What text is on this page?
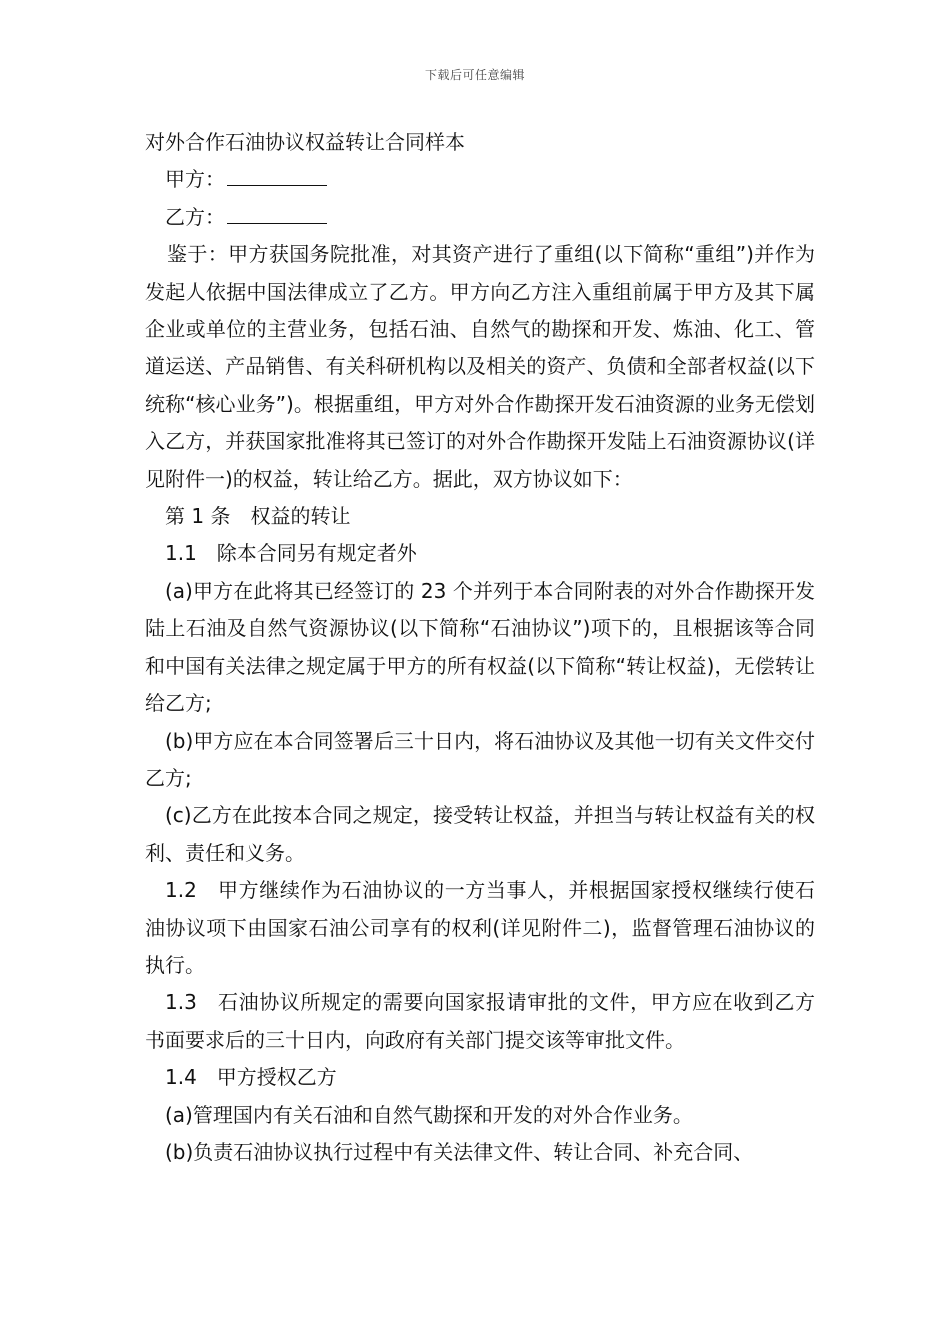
下载后可任意编辑

对外合作石油协议权益转让合同样本

甲方：

乙方：

鉴于：甲方获国务院批准，对其资产进行了重组(以下简称“重组”)并作为发起人依据中国法律成立了乙方。甲方向乙方注入重组前属于甲方及其下属企业或单位的主营业务，包括石油、自然气的勘探和开发、炼油、化工、管道运送、产品销售、有关科研机构以及相关的资产、负债和全部者权益(以下统称“核心业务”)。根据重组，甲方对外合作勘探开发石油资源的业务无偿划入乙方，并获国家批准将其已签订的对外合作勘探开发陆上石油资源协议(详见附件一)的权益，转让给乙方。据此，双方协议如下：

第 1 条　权益的转让

1.1　除本合同另有规定者外

(a)甲方在此将其已经签订的 23 个并列于本合同附表的对外合作勘探开发陆上石油及自然气资源协议(以下简称“石油协议”)项下的，且根据该等合同和中国有关法律之规定属于甲方的所有权益(以下简称“转让权益)，无偿转让给乙方;

(b)甲方应在本合同签署后三十日内，将石油协议及其他一切有关文件交付乙方;

(c)乙方在此按本合同之规定，接受转让权益，并担当与转让权益有关的权利、责任和义务。

1.2　甲方继续作为石油协议的一方当事人，并根据国家授权继续行使石油协议项下由国家石油公司享有的权利(详见附件二)，监督管理石油协议的执行。

1.3　石油协议所规定的需要向国家报请审批的文件，甲方应在收到乙方书面要求后的三十日内，向政府有关部门提交该等审批文件。

1.4　甲方授权乙方

(a)管理国内有关石油和自然气勘探和开发的对外合作业务。

(b)负责石油协议执行过程中有关法律文件、转让合同、补充合同、
